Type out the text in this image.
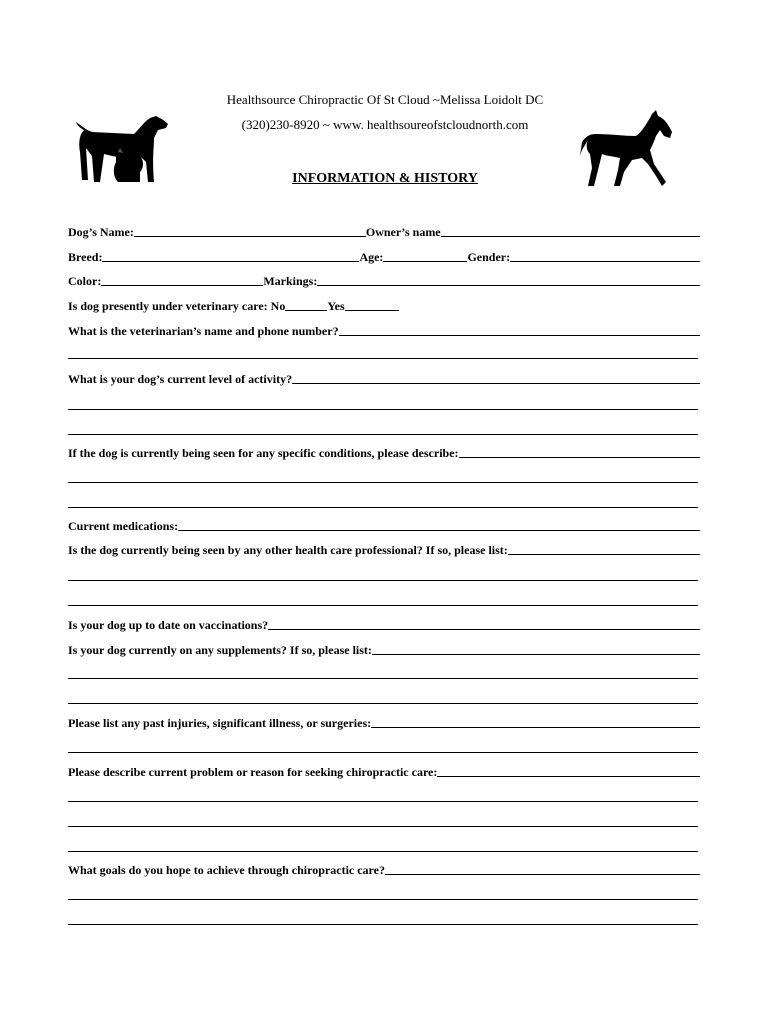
Healthsource Chiropractic Of St Cloud ~Melissa Loidolt DC
(320)230-8920 ~ www. healthsoureofstcloudnorth.com
INFORMATION & HISTORY
Dog’s Name:	Owner’s name
Breed:	Age:	Gender:
Color:	Markings:
Is dog presently under veterinary care: No	Yes
What is the veterinarian’s name and phone number?
What is your dog’s current level of activity?
If the dog is currently being seen for any specific conditions, please describe:
Current medications:
Is the dog currently being seen by any other health care professional? If so, please list:
Is your dog up to date on vaccinations?
Is your dog currently on any supplements? If so, please list:
Please list any past injuries, significant illness, or surgeries:
Please describe current problem or reason for seeking chiropractic care:
What goals do you hope to achieve through chiropractic care?
